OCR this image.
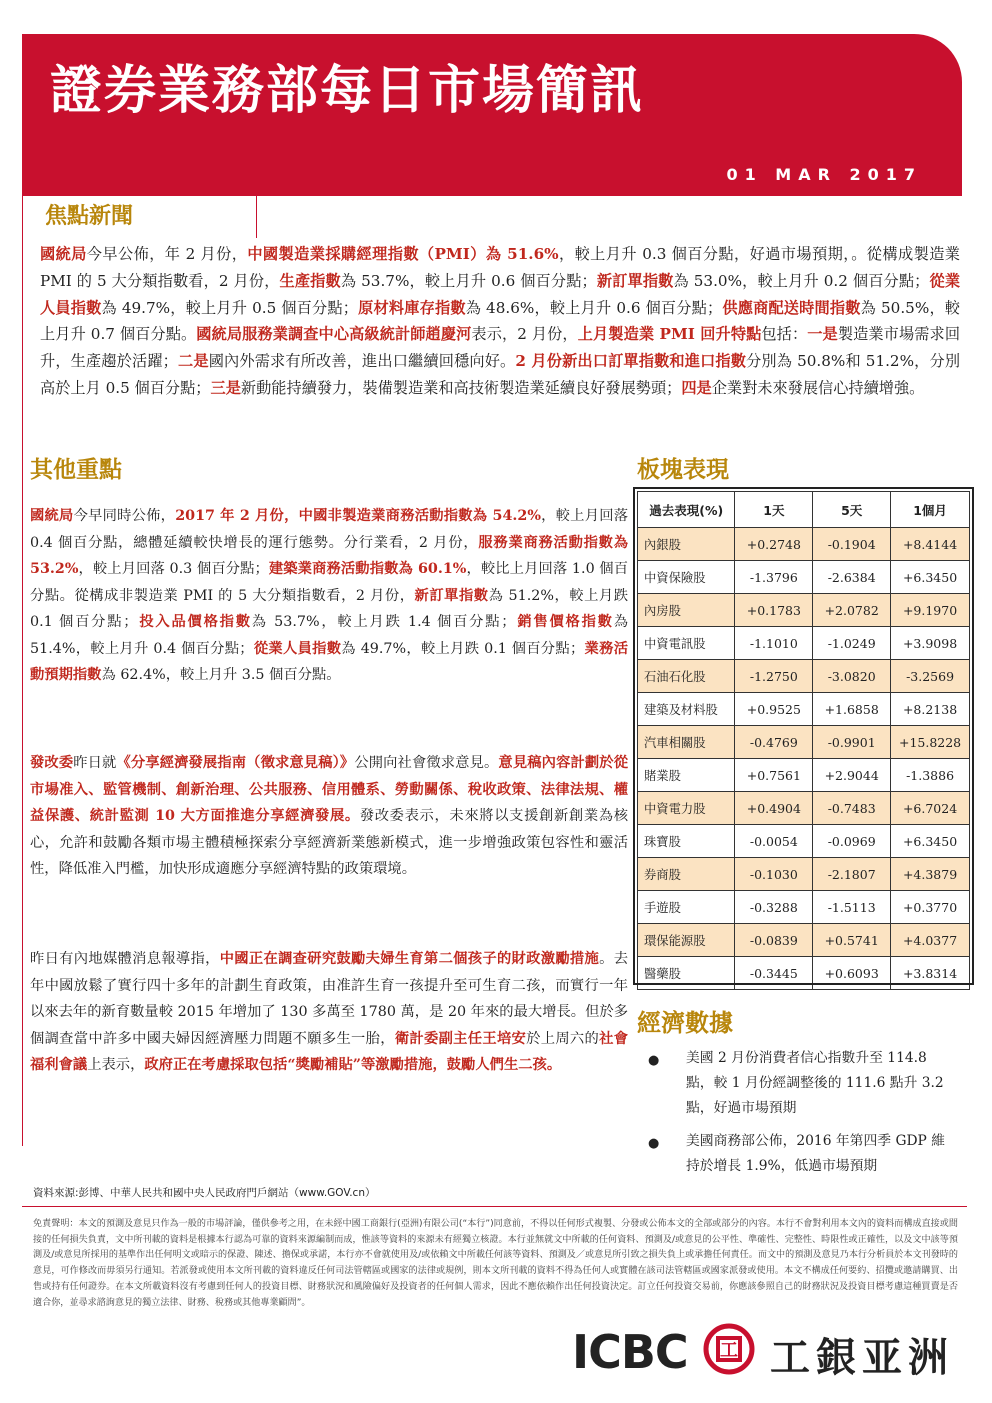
證券業務部每日市場簡訊
01 MAR 2017
焦點新聞
國統局今早公佈，年 2 月份，中國製造業採購經理指數（PMI）為 51.6%，較上月升 0.3 個百分點，好過市場預期，。從構成製造業 PMI 的 5 大分類指數看，2 月份，生產指數為 53.7%，較上月升 0.6 個百分點；新訂單指數為 53.0%，較上月升 0.2 個百分點；從業人員指數為 49.7%，較上月升 0.5 個百分點；原材料庫存指數為 48.6%，較上月升 0.6 個百分點；供應商配送時間指數為 50.5%，較上月升 0.7 個百分點。國統局服務業調查中心高級統計師趙慶河表示，2 月份，上月製造業 PMI 回升特點包括：一是製造業市場需求回升，生產趨於活躍；二是國內外需求有所改善，進出口繼續回穩向好。2 月份新出口訂單指數和進口指數分別為 50.8%和 51.2%，分別高於上月 0.5 個百分點；三是新動能持續發力，裝備製造業和高技術製造業延續良好發展勢頭；四是企業對未來發展信心持續增強。
其他重點
國統局今早同時公佈，2017 年 2 月份，中國非製造業商務活動指數為 54.2%，較上月回落 0.4 個百分點，總體延續較快增長的運行態勢。分行業看，2 月份，服務業商務活動指數為 53.2%，較上月回落 0.3 個百分點；建築業商務活動指數為 60.1%，較比上月回落 1.0 個百分點。從構成非製造業 PMI 的 5 大分類指數看，2 月份，新訂單指數為 51.2%，較上月跌 0.1 個百分點；投入品價格指數為 53.7%，較上月跌 1.4 個百分點；銷售價格指數為 51.4%，較上月升 0.4 個百分點；從業人員指數為 49.7%，較上月跌 0.1 個百分點；業務活動預期指數為 62.4%，較上月升 3.5 個百分點。
發改委昨日就《分享經濟發展指南（徵求意見稿）》公開向社會徵求意見。意見稿內容計劃於從市場准入、監管機制、創新治理、公共服務、信用體系、勞動關係、稅收政策、法律法規、權益保護、統計監測 10 大方面推進分享經濟發展。發改委表示，未來將以支援創新創業為核心，允許和鼓勵各類市場主體積極探索分享經濟新業態新模式，進一步增強政策包容性和靈活性，降低准入門檻，加快形成適應分享經濟特點的政策環境。
昨日有內地媒體消息報導指，中國正在調查研究鼓勵夫婦生育第二個孩子的財政激勵措施。去年中國放鬆了實行四十多年的計劃生育政策，由准許生育一孩提升至可生育二孩，而實行一年以來去年的新育數量較 2015 年增加了 130 多萬至 1780 萬，是 20 年來的最大增長。但於多個調查當中許多中國夫婦因經濟壓力問題不願多生一胎，衛計委副主任王培安於上周六的社會福利會議上表示，政府正在考慮採取包括“獎勵補貼”等激勵措施，鼓勵人們生二孩。
板塊表現
過去表現(%)	1天	5天	1個月
內銀股	+0.2748	-0.1904	+8.4144
中資保險股	-1.3796	-2.6384	+6.3450
內房股	+0.1783	+2.0782	+9.1970
中資電訊股	-1.1010	-1.0249	+3.9098
石油石化股	-1.2750	-3.0820	-3.2569
建築及材料股	+0.9525	+1.6858	+8.2138
汽車相關股	-0.4769	-0.9901	+15.8228
賭業股	+0.7561	+2.9044	-1.3886
中資電力股	+0.4904	-0.7483	+6.7024
珠寶股	-0.0054	-0.0969	+6.3450
券商股	-0.1030	-2.1807	+4.3879
手遊股	-0.3288	-1.5113	+0.3770
環保能源股	-0.0839	+0.5741	+4.0377
醫藥股	-0.3445	+0.6093	+3.8314
經濟數據
● 美國 2 月份消費者信心指數升至 114.8 點，較 1 月份經調整後的 111.6 點升 3.2 點，好過市場預期
● 美國商務部公佈，2016 年第四季 GDP 維持於增長 1.9%，低過市場預期
資料來源:彭博、中華人民共和國中央人民政府門戶網站（www.GOV.cn）
免責聲明：本文的預測及意見只作為一般的市場評論，僅供參考之用，在未經中國工商銀行(亞洲)有限公司(“本行”)同意前，不得以任何形式複製、分發或公佈本文的全部或部分的內容。本行不會對利用本文內的資料而構成直接或間接的任何損失負責，文中所刊載的資料是根據本行認為可靠的資料來源編制而成，惟該等資料的來源未有經獨立核證。本行並無就文中所載的任何資料、預測及/或意見的公平性、準確性、完整性、時限性或正確性，以及文中該等預測及/或意見所採用的基準作出任何明文或暗示的保證、陳述、擔保或承諾，本行亦不會就使用及/或依賴文中所載任何該等資料、預測及／或意見所引致之損失負上或承擔任何責任。而文中的預測及意見乃本行分析員於本文刊發時的意見，可作修改而毋須另行通知。若派發或使用本文所刊載的資料違反任何司法管轄區或國家的法律或規例，則本文所刊載的資料不得為任何人或實體在該司法管轄區或國家派發或使用。本文不構成任何要約、招攬或邀請購買、出售或持有任何證券。在本文所載資料沒有考慮到任何人的投資目標、財務狀況和風險偏好及投資者的任何個人需求，因此不應依賴作出任何投資決定。訂立任何投資交易前，你應該參照自己的財務狀況及投資目標考慮這種買賣是否適合你，並尋求諮詢意見的獨立法律、財務、稅務或其他專業顧問”。
ICBC 工 工銀亚洲
